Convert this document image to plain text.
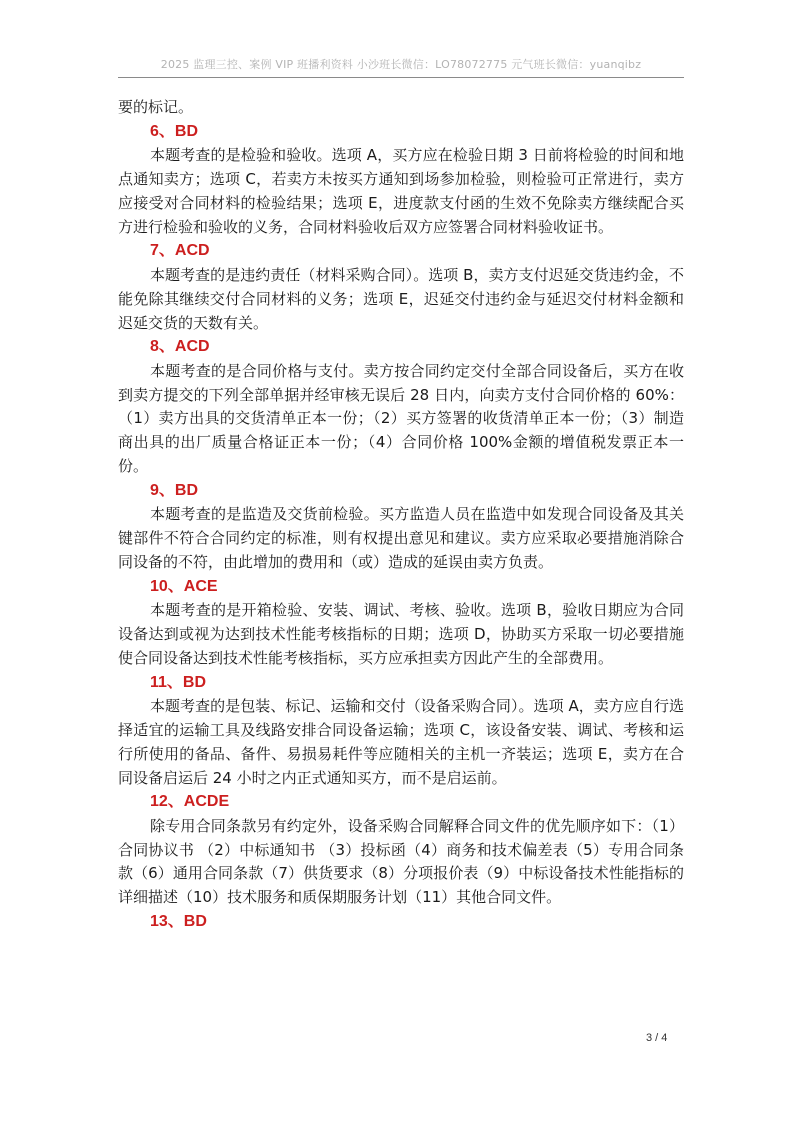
2025 监理三控、案例 VIP 班播利资料 小沙班长微信：LO78072775 元气班长微信：yuanqibz

要的标记。

6、BD

本题考查的是检验和验收。选项 A，买方应在检验日期 3 日前将检验的时间和地点通知卖方；选项 C，若卖方未按买方通知到场参加检验，则检验可正常进行，卖方应接受对合同材料的检验结果；选项 E，进度款支付函的生效不免除卖方继续配合买方进行检验和验收的义务，合同材料验收后双方应签署合同材料验收证书。

7、ACD

本题考查的是违约责任（材料采购合同）。选项 B，卖方支付迟延交货违约金，不能免除其继续交付合同材料的义务；选项 E，迟延交付违约金与延迟交付材料金额和迟延交货的天数有关。

8、ACD

本题考查的是合同价格与支付。卖方按合同约定交付全部合同设备后，买方在收到卖方提交的下列全部单据并经审核无误后 28 日内，向卖方支付合同价格的 60%：（1）卖方出具的交货清单正本一份；（2）买方签署的收货清单正本一份；（3）制造商出具的出厂质量合格证正本一份；（4）合同价格 100%金额的增值税发票正本一份。

9、BD

本题考查的是监造及交货前检验。买方监造人员在监造中如发现合同设备及其关键部件不符合合同约定的标准，则有权提出意见和建议。卖方应采取必要措施消除合同设备的不符，由此增加的费用和（或）造成的延误由卖方负责。

10、ACE

本题考查的是开箱检验、安装、调试、考核、验收。选项 B，验收日期应为合同设备达到或视为达到技术性能考核指标的日期；选项 D，协助买方采取一切必要措施使合同设备达到技术性能考核指标，买方应承担卖方因此产生的全部费用。

11、BD

本题考查的是包装、标记、运输和交付（设备采购合同）。选项 A，卖方应自行选择适宜的运输工具及线路安排合同设备运输；选项 C，该设备安装、调试、考核和运行所使用的备品、备件、易损易耗件等应随相关的主机一齐装运；选项 E，卖方在合同设备启运后 24 小时之内正式通知买方，而不是启运前。

12、ACDE

除专用合同条款另有约定外，设备采购合同解释合同文件的优先顺序如下：（1）合同协议书 （2）中标通知书 （3）投标函（4）商务和技术偏差表（5）专用合同条款（6）通用合同条款（7）供货要求（8）分项报价表（9）中标设备技术性能指标的详细描述（10）技术服务和质保期服务计划（11）其他合同文件。

13、BD
3 / 4
